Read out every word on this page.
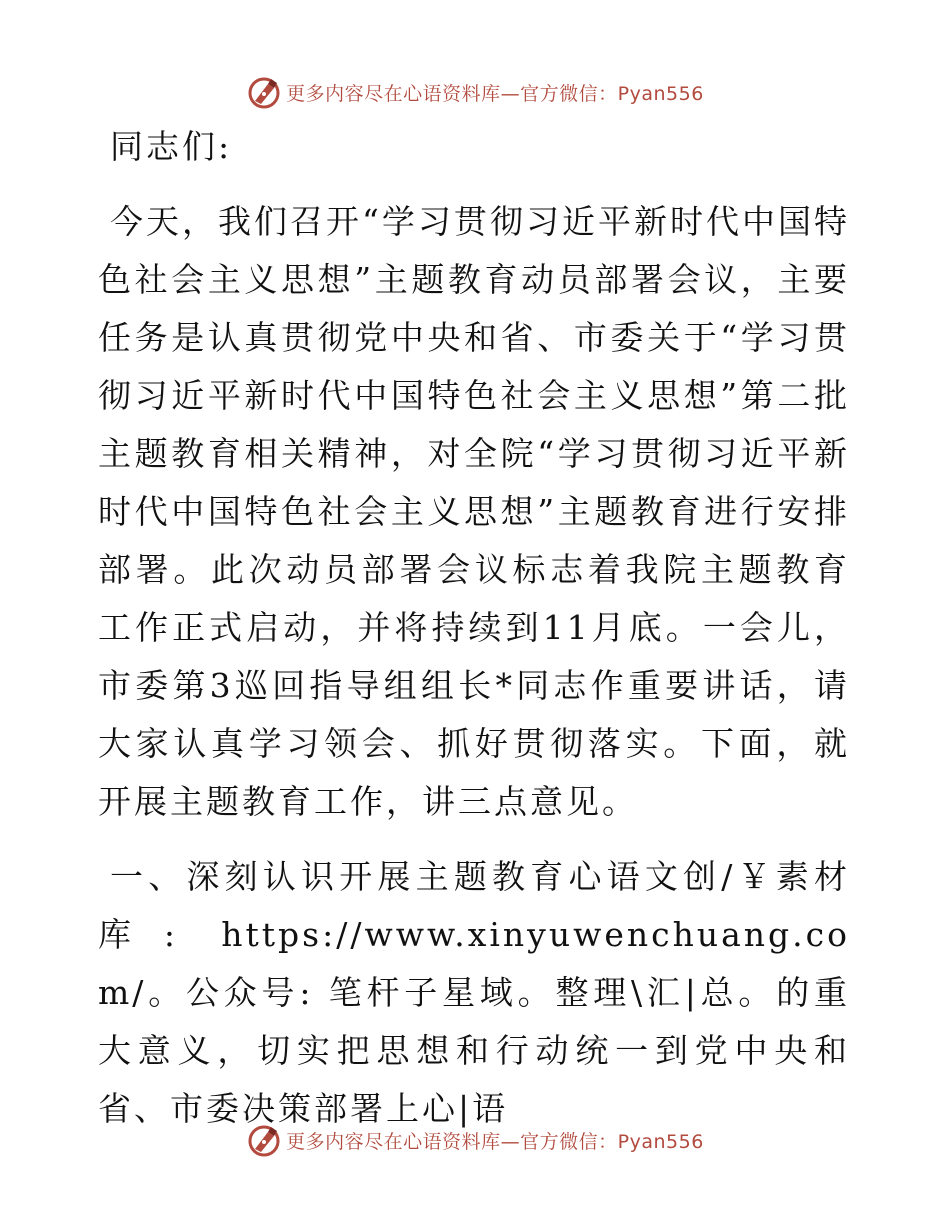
更多内容尽在心语资料库—官方微信：Pyan556

同志们:

今天，我们召开“学习贯彻习近平新时代中国特色社会主义思想”主题教育动员部署会议，主要任务是认真贯彻党中央和省、市委关于“学习贯彻习近平新时代中国特色社会主义思想”第二批主题教育相关精神，对全院“学习贯彻习近平新时代中国特色社会主义思想”主题教育进行安排部署。此次动员部署会议标志着我院主题教育工作正式启动，并将持续到11月底。一会儿，市委第3巡回指导组组长*同志作重要讲话，请大家认真学习领会、抓好贯彻落实。下面，就开展主题教育工作，讲三点意见。

一、深刻认识开展主题教育心语文创/￥素材库: https://www.xinyuwenchuang.com/。公众号: 笔杆子星域。整理\汇|总。的重大意义，切实把思想和行动统一到党中央和省、市委决策部署上心|语

更多内容尽在心语资料库—官方微信：Pyan556
